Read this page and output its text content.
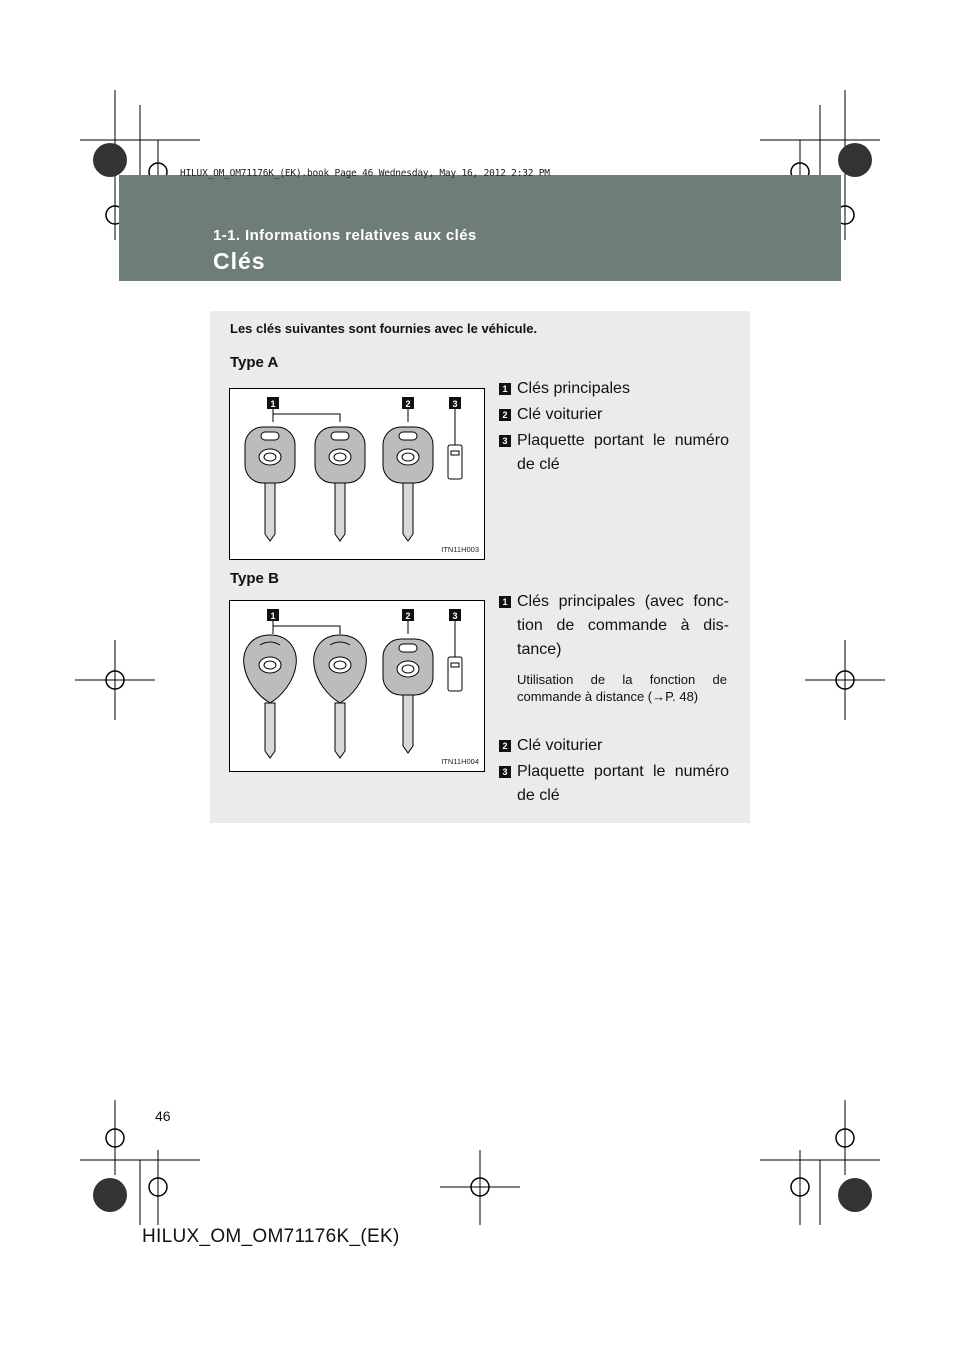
HILUX_OM_OM71176K_(EK).book Page 46 Wednesday, May 16, 2012 2:32 PM
1-1. Informations relatives aux clés
Clés
Les clés suivantes sont fournies avec le véhicule.
Type A
1	2	3
ITN11H003
1 Clés principales
2 Clé voiturier
3 Plaquette portant le numéro de clé
Type B
1	2	3
ITN11H004
1 Clés principales (avec fonc-tion de commande à dis-tance)
Utilisation de la fonction de commande à distance (→P. 48)
2 Clé voiturier
3 Plaquette portant le numéro de clé
46
HILUX_OM_OM71176K_(EK)
